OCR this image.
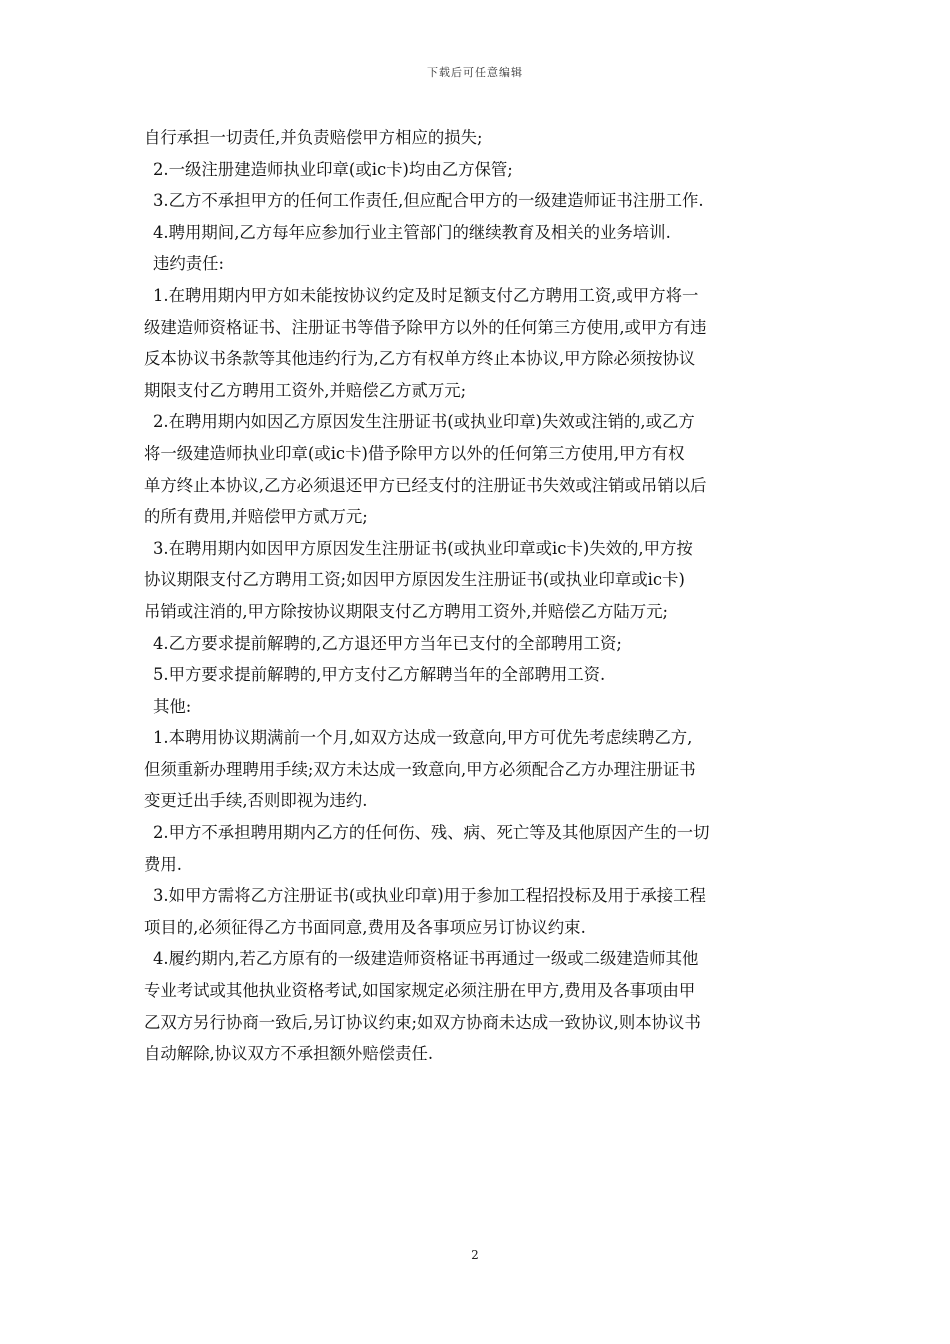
下载后可任意编辑
自行承担一切责任,并负责赔偿甲方相应的损失;
2.一级注册建造师执业印章(或ic卡)均由乙方保管;
3.乙方不承担甲方的任何工作责任,但应配合甲方的一级建造师证书注册工作.
4.聘用期间,乙方每年应参加行业主管部门的继续教育及相关的业务培训.
违约责任:
1.在聘用期内甲方如未能按协议约定及时足额支付乙方聘用工资,或甲方将一
级建造师资格证书、注册证书等借予除甲方以外的任何第三方使用,或甲方有违
反本协议书条款等其他违约行为,乙方有权单方终止本协议,甲方除必须按协议
期限支付乙方聘用工资外,并赔偿乙方贰万元;
2.在聘用期内如因乙方原因发生注册证书(或执业印章)失效或注销的,或乙方
将一级建造师执业印章(或ic卡)借予除甲方以外的任何第三方使用,甲方有权
单方终止本协议,乙方必须退还甲方已经支付的注册证书失效或注销或吊销以后
的所有费用,并赔偿甲方贰万元;
3.在聘用期内如因甲方原因发生注册证书(或执业印章或ic卡)失效的,甲方按
协议期限支付乙方聘用工资;如因甲方原因发生注册证书(或执业印章或ic卡)
吊销或注消的,甲方除按协议期限支付乙方聘用工资外,并赔偿乙方陆万元;
4.乙方要求提前解聘的,乙方退还甲方当年已支付的全部聘用工资;
5.甲方要求提前解聘的,甲方支付乙方解聘当年的全部聘用工资.
其他:
1.本聘用协议期满前一个月,如双方达成一致意向,甲方可优先考虑续聘乙方,
但须重新办理聘用手续;双方未达成一致意向,甲方必须配合乙方办理注册证书
变更迁出手续,否则即视为违约.
2.甲方不承担聘用期内乙方的任何伤、残、病、死亡等及其他原因产生的一切
费用.
3.如甲方需将乙方注册证书(或执业印章)用于参加工程招投标及用于承接工程
项目的,必须征得乙方书面同意,费用及各事项应另订协议约束.
4.履约期内,若乙方原有的一级建造师资格证书再通过一级或二级建造师其他
专业考试或其他执业资格考试,如国家规定必须注册在甲方,费用及各事项由甲
乙双方另行协商一致后,另订协议约束;如双方协商未达成一致协议,则本协议书
自动解除,协议双方不承担额外赔偿责任.
2
